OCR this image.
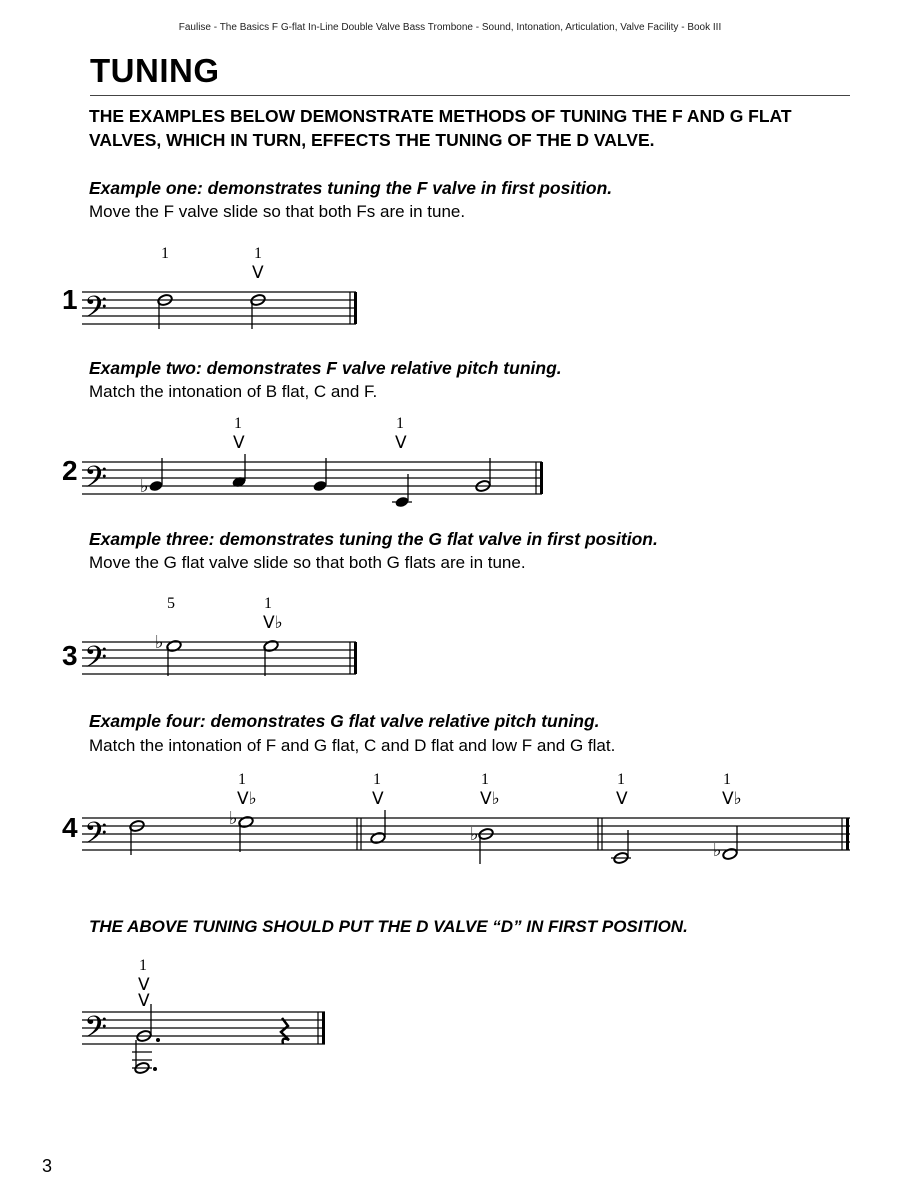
Faulise - The Basics F G-flat In-Line Double Valve Bass Trombone - Sound, Intonation, Articulation, Valve Facility - Book III
TUNING

THE EXAMPLES BELOW DEMONSTRATE METHODS OF TUNING THE F AND G FLAT VALVES, WHICH IN TURN, EFFECTS THE TUNING OF THE D VALVE.

Example one: demonstrates tuning the F valve in first position.

Move the F valve slide so that both Fs are in tune.

1 𝄢
1	1
V

Example two: demonstrates F valve relative pitch tuning.

Match the intonation of B flat, C and F.

2 𝄢 ♭
1
V
1
V

Example three: demonstrates tuning the G flat valve in first position.

Move the G flat valve slide so that both G flats are in tune.

3 𝄢	♭
5	1
V♭

Example four: demonstrates G flat valve relative pitch tuning.

Match the intonation of F and G flat, C and D flat and low F and G flat.

4 𝄢	♭
♭
♭
1
V♭
1
V
1
V♭
1
V
1
V♭

THE ABOVE TUNING SHOULD PUT THE D VALVE “D” IN FIRST POSITION.

𝄢
1
V
V
3
